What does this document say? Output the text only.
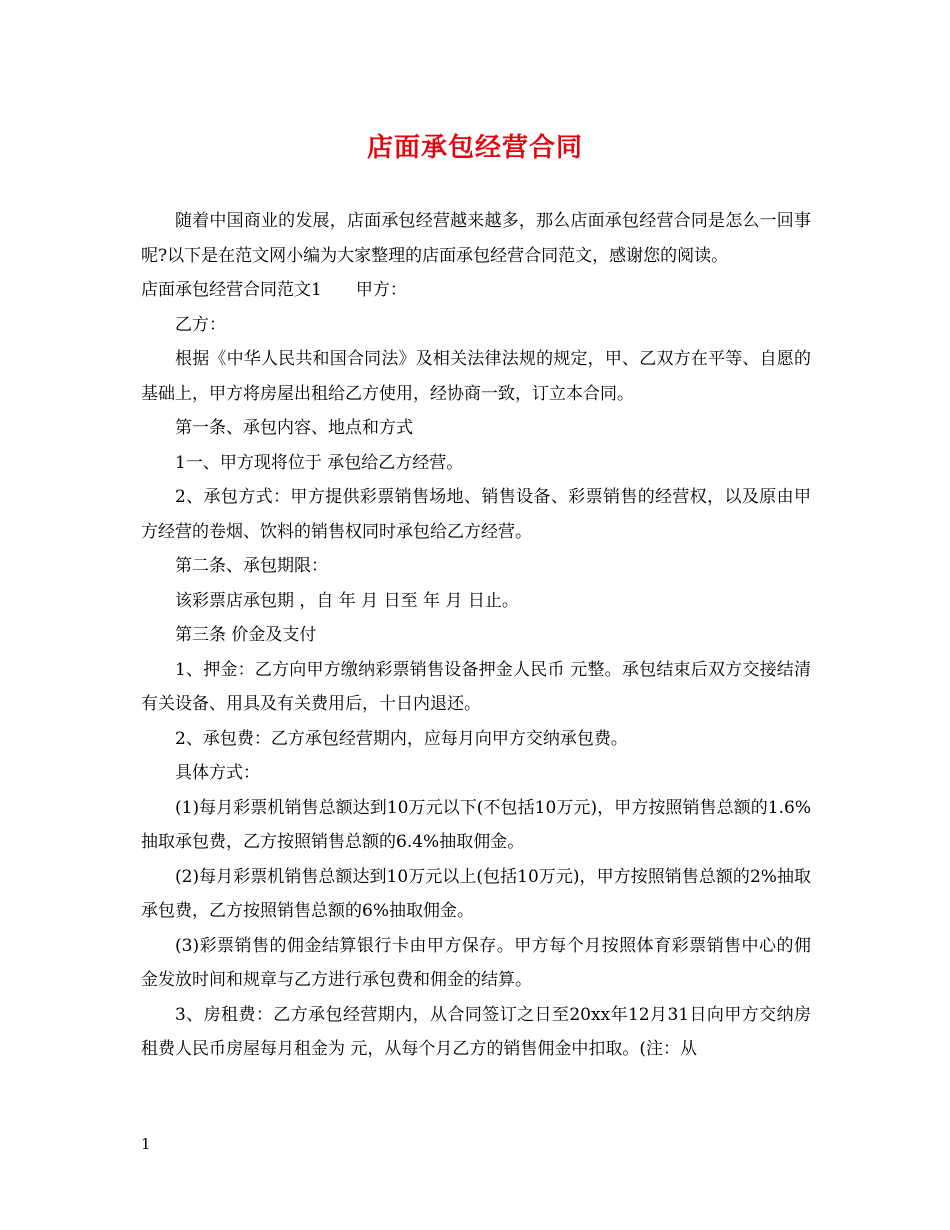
店面承包经营合同

随着中国商业的发展，店面承包经营越来越多，那么店面承包经营合同是怎么一回事呢?以下是在范文网小编为大家整理的店面承包经营合同范文，感谢您的阅读。

店面承包经营合同范文1　　甲方：

乙方：

根据《中华人民共和国合同法》及相关法律法规的规定，甲、乙双方在平等、自愿的基础上，甲方将房屋出租给乙方使用，经协商一致，订立本合同。

第一条、承包内容、地点和方式

1一、甲方现将位于 承包给乙方经营。

2、承包方式：甲方提供彩票销售场地、销售设备、彩票销售的经营权，以及原由甲方经营的卷烟、饮料的销售权同时承包给乙方经营。

第二条、承包期限：

该彩票店承包期 ，自 年 月 日至 年 月 日止。

第三条 价金及支付

1、押金：乙方向甲方缴纳彩票销售设备押金人民币 元整。承包结束后双方交接结清有关设备、用具及有关费用后，十日内退还。

2、承包费：乙方承包经营期内，应每月向甲方交纳承包费。

具体方式：

(1)每月彩票机销售总额达到10万元以下(不包括10万元)，甲方按照销售总额的1.6%抽取承包费，乙方按照销售总额的6.4%抽取佣金。

(2)每月彩票机销售总额达到10万元以上(包括10万元)，甲方按照销售总额的2%抽取承包费，乙方按照销售总额的6%抽取佣金。

(3)彩票销售的佣金结算银行卡由甲方保存。甲方每个月按照体育彩票销售中心的佣金发放时间和规章与乙方进行承包费和佣金的结算。

3、房租费：乙方承包经营期内，从合同签订之日至20xx年12月31日向甲方交纳房租费人民币房屋每月租金为 元，从每个月乙方的销售佣金中扣取。(注：从

1
